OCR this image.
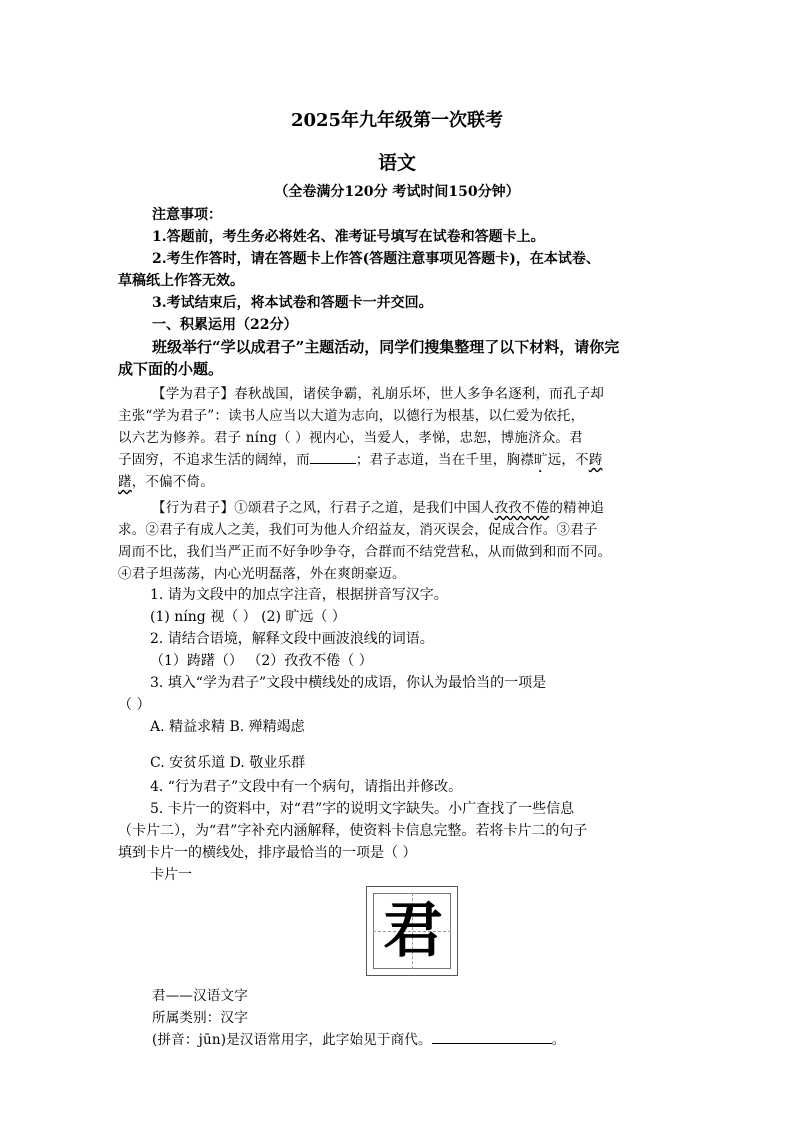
2025年九年级第一次联考
语文
（全卷满分120分 考试时间150分钟）
注意事项：
1.答题前，考生务必将姓名、准考证号填写在试卷和答题卡上。
2.考生作答时，请在答题卡上作答(答题注意事项见答题卡)，在本试卷、
草稿纸上作答无效。
3.考试结束后，将本试卷和答题卡一并交回。
一、积累运用（22分）
班级举行“学以成君子”主题活动，同学们搜集整理了以下材料，请你完
成下面的小题。
【学为君子】春秋战国，诸侯争霸，礼崩乐坏，世人多争名逐利，而孔子却
主张“学为君子”：读书人应当以大道为志向，以德行为根基，以仁爱为依托，
以六艺为修养。君子 níng（ ）视内心，当爱人，孝悌，忠恕，博施济众。君
子固穷，不追求生活的阔绰，而	；君子志道，当在千里，胸襟旷远，不踌
躇，不偏不倚。
【行为君子】①颂君子之风，行君子之道，是我们中国人孜孜不倦的精神追
求。②君子有成人之美，我们可为他人介绍益友，消灭误会，促成合作。③君子
周而不比，我们当严正而不好争吵争夺，合群而不结党营私，从而做到和而不同。
④君子坦荡荡，内心光明磊落，外在爽朗豪迈。
1. 请为文段中的加点字注音，根据拼音写汉字。
(1) níng 视（ ） (2) 旷远（ ）
2. 请结合语境，解释文段中画波浪线的词语。
（1）踌躇（） （2）孜孜不倦（ ）
3. 填入“学为君子”文段中横线处的成语，你认为最恰当的一项是
（ ）
A. 精益求精 B. 殚精竭虑
C. 安贫乐道 D. 敬业乐群
4. “行为君子”文段中有一个病句，请指出并修改。
5. 卡片一的资料中，对“君”字的说明文字缺失。小广查找了一些信息
（卡片二），为“君”字补充内涵解释，使资料卡信息完整。若将卡片二的句子
填到卡片一的横线处，排序最恰当的一项是（ ）
卡片一
君
君——汉语文字
所属类别：汉字
(拼音：jūn)是汉语常用字，此字始见于商代。	。
